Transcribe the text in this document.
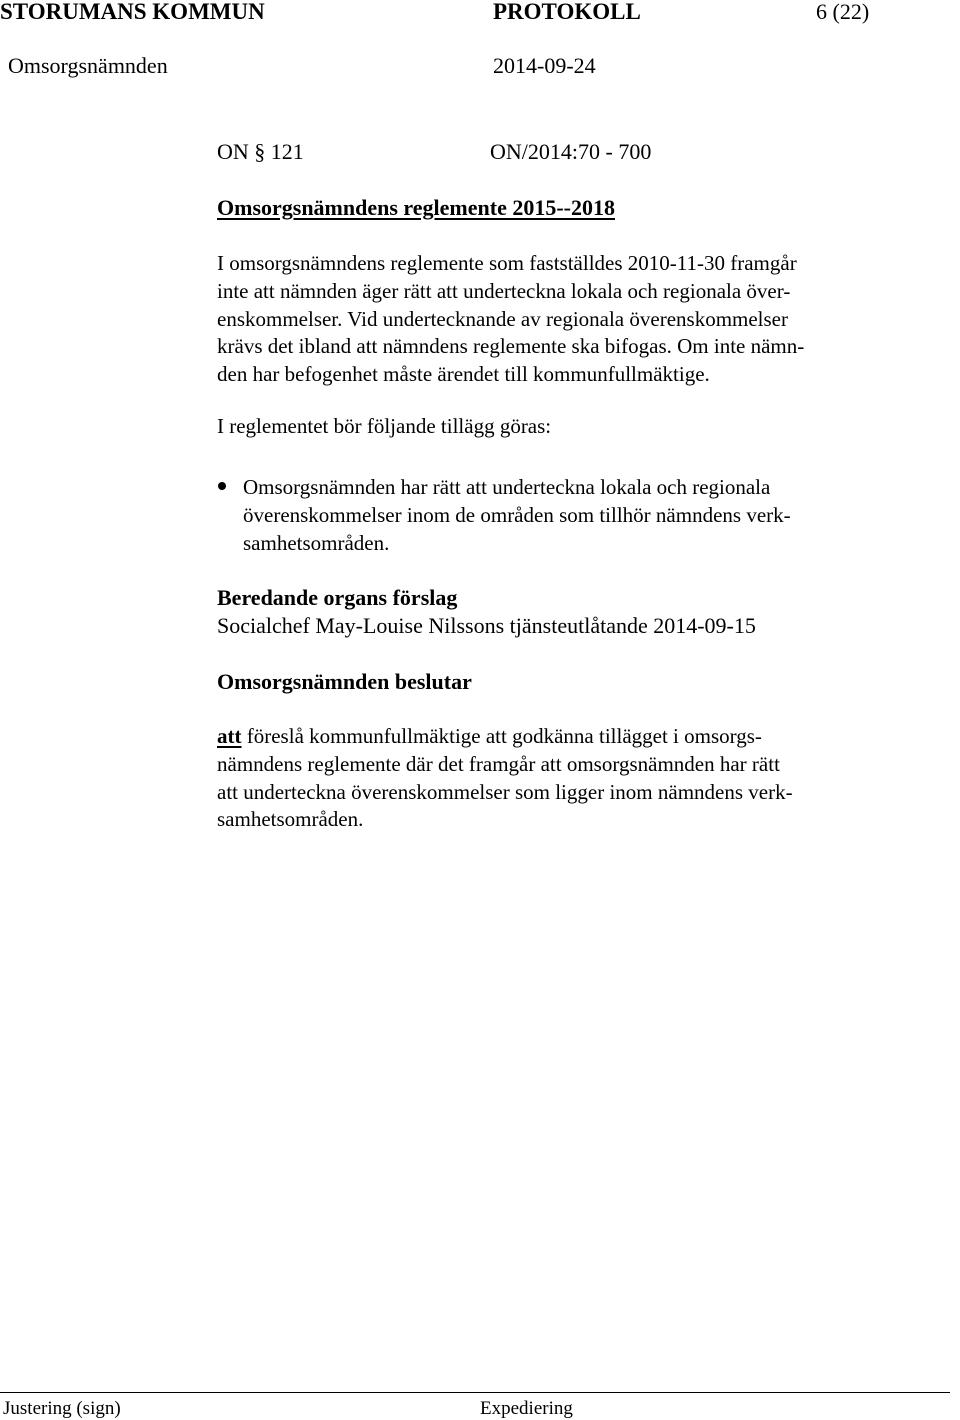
STORUMANS KOMMUN	PROTOKOLL	6 (22)
Omsorgsnämnden	2014-09-24
ON § 121	ON/2014:70 - 700
Omsorgsnämndens reglemente 2015--2018
I omsorgsnämndens reglemente som fastställdes 2010-11-30 framgår
inte att nämnden äger rätt att underteckna lokala och regionala över-
enskommelser. Vid undertecknande av regionala överenskommelser
krävs det ibland att nämndens reglemente ska bifogas. Om inte nämn-
den har befogenhet måste ärendet till kommunfullmäktige.
I reglementet bör följande tillägg göras:
Omsorgsnämnden har rätt att underteckna lokala och regionala
överenskommelser inom de områden som tillhör nämndens verk-
samhetsområden.
Beredande organs förslag
Socialchef May-Louise Nilssons tjänsteutlåtande 2014-09-15
Omsorgsnämnden beslutar
att föreslå kommunfullmäktige att godkänna tillägget i omsorgs-
nämndens reglemente där det framgår att omsorgsnämnden har rätt
att underteckna överenskommelser som ligger inom nämndens verk-
samhetsområden.
Justering (sign)	Expediering
